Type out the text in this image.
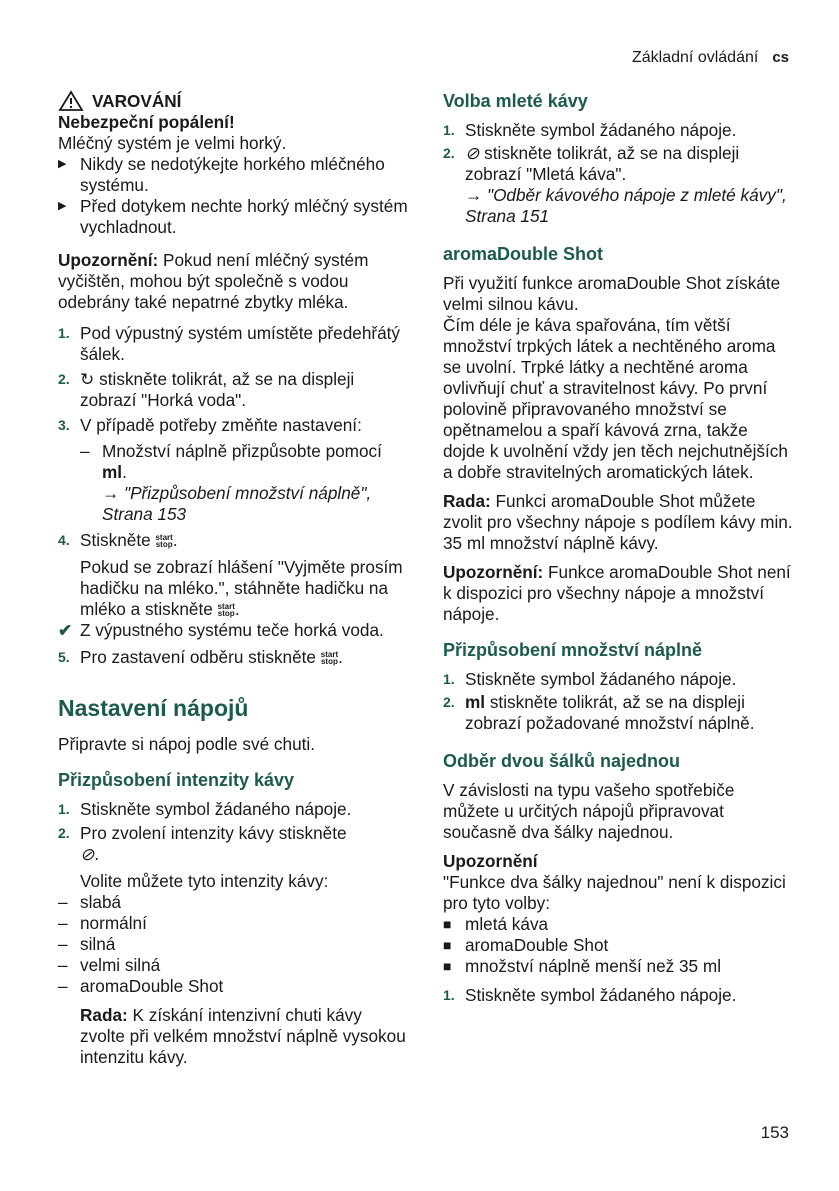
Základní ovládání cs
VAROVÁNÍ

Nebezpeční popálení!

Mléčný systém je velmi horký.

▶ Nikdy se nedotýkejte horkého mléčného systému.
▶ Před dotykem nechte horký mléčný systém vychladnout.

Upozornění: Pokud není mléčný systém vyčištěn, mohou být společně s vodou odebrány také nepatrné zbytky mléka.

1. Pod výpustný systém umístěte předehřátý šálek.
2. ↻ stiskněte tolikrát, až se na displeji zobrazí "Horká voda".
3. V případě potřeby změňte nastavení:
– Množství náplně přizpůsobte pomocí ml.
→ "Přizpůsobení množství náplně", Strana 153
4. Stiskněte start
stop.

Pokud se zobrazí hlášení "Vyjměte prosím hadičku na mléko.", stáhněte hadičku na mléko a stiskněte start
stop.

✔ Z výpustného systému teče horká voda.
5. Pro zastavení odběru stiskněte start
stop.
Nastavení nápojů

Připravte si nápoj podle své chuti.

Přizpůsobení intenzity kávy
1. Stiskněte symbol žádaného nápoje.
2. Pro zvolení intenzity kávy stiskněte
⊘.

Volite můžete tyto intenzity kávy:

– slabá
– normální
– silná
– velmi silná
– aromaDouble Shot

Rada: K získání intenzivní chuti kávy zvolte při velkém množství náplně vysokou intenzitu kávy.

Volba mleté kávy
1. Stiskněte symbol žádaného nápoje.
2. ⊘ stiskněte tolikrát, až se na displeji zobrazí "Mletá káva".
→ "Odběr kávového nápoje z mleté kávy", Strana 151
aromaDouble Shot

Při využití funkce aromaDouble Shot získáte velmi silnou kávu.

Čím déle je káva spařována, tím větší množství trpkých látek a nechtěného aroma se uvolní. Trpké látky a nechtěné aroma ovlivňují chuť a stravitelnost kávy. Po první polovině připravovaného množství se opětnamelou a spaří kávová zrna, takže dojde k uvolnění vždy jen těch nejchutnějších a dobře stravitelných aromatických látek.

Rada: Funkci aromaDouble Shot můžete zvolit pro všechny nápoje s podílem kávy min. 35 ml množství náplně kávy.

Upozornění: Funkce aromaDouble Shot není k dispozici pro všechny nápoje a množství nápoje.

Přizpůsobení množství náplně
1. Stiskněte symbol žádaného nápoje.
2. ml stiskněte tolikrát, až se na displeji zobrazí požadované množství náplně.
Odběr dvou šálků najednou

V závislosti na typu vašeho spotřebiče můžete u určitých nápojů připravovat současně dva šálky najednou.

Upozornění

"Funkce dva šálky najednou" není k dispozici pro tyto volby:

■ mletá káva
■ aromaDouble Shot
■ množství náplně menší než 35 ml
1. Stiskněte symbol žádaného nápoje.
153
